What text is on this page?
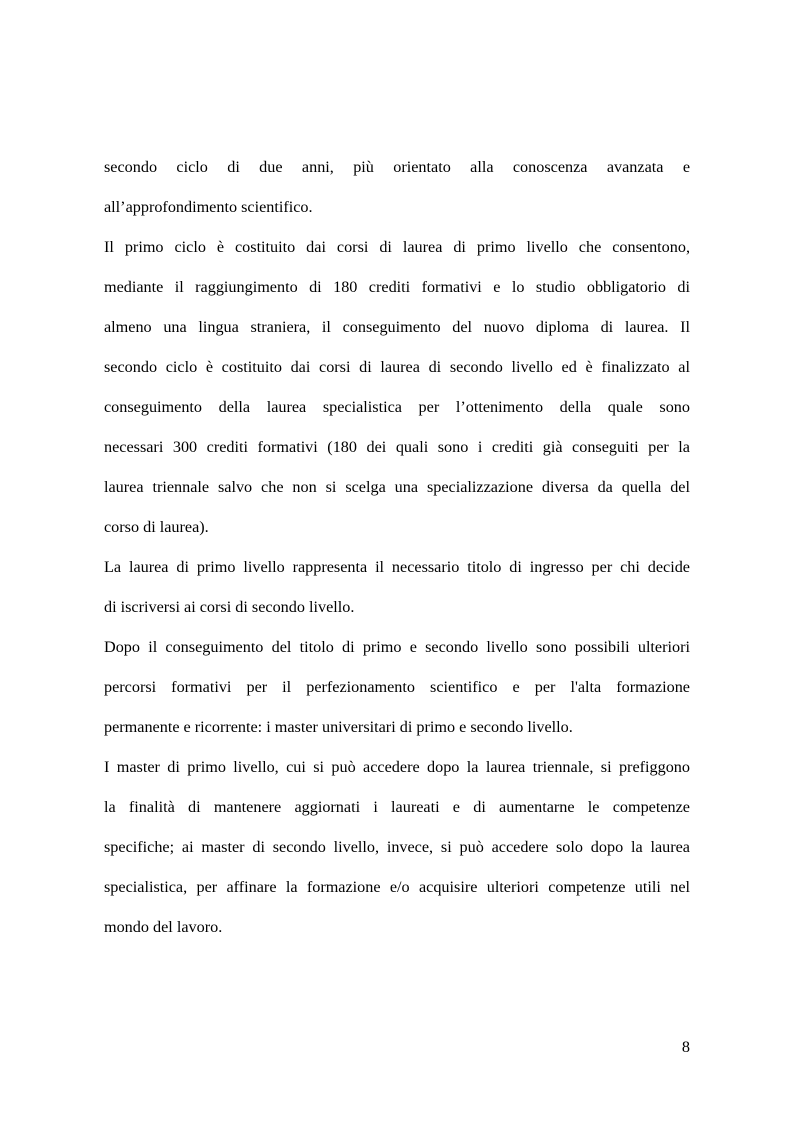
secondo ciclo di due anni, più orientato alla conoscenza avanzata e
all’approfondimento scientifico.
Il primo ciclo è costituito dai corsi di laurea di primo livello che consentono,
mediante il raggiungimento di 180 crediti formativi e lo studio obbligatorio di
almeno una lingua straniera, il conseguimento del nuovo diploma di laurea. Il
secondo ciclo è costituito dai corsi di laurea di secondo livello ed è finalizzato al
conseguimento della laurea specialistica per l’ottenimento della quale sono
necessari 300 crediti formativi (180 dei quali sono i crediti già conseguiti per la
laurea triennale salvo che non si scelga una specializzazione diversa da quella del
corso di laurea).
La laurea di primo livello rappresenta il necessario titolo di ingresso per chi decide
di iscriversi ai corsi di secondo livello.
Dopo il conseguimento del titolo di primo e secondo livello sono possibili ulteriori
percorsi formativi per il perfezionamento scientifico e per l'alta formazione
permanente e ricorrente: i master universitari di primo e secondo livello.
I master di primo livello, cui si può accedere dopo la laurea triennale, si prefiggono
la finalità di mantenere aggiornati i laureati e di aumentarne le competenze
specifiche; ai master di secondo livello, invece, si può accedere solo dopo la laurea
specialistica, per affinare la formazione e/o acquisire ulteriori competenze utili nel
mondo del lavoro.
8
